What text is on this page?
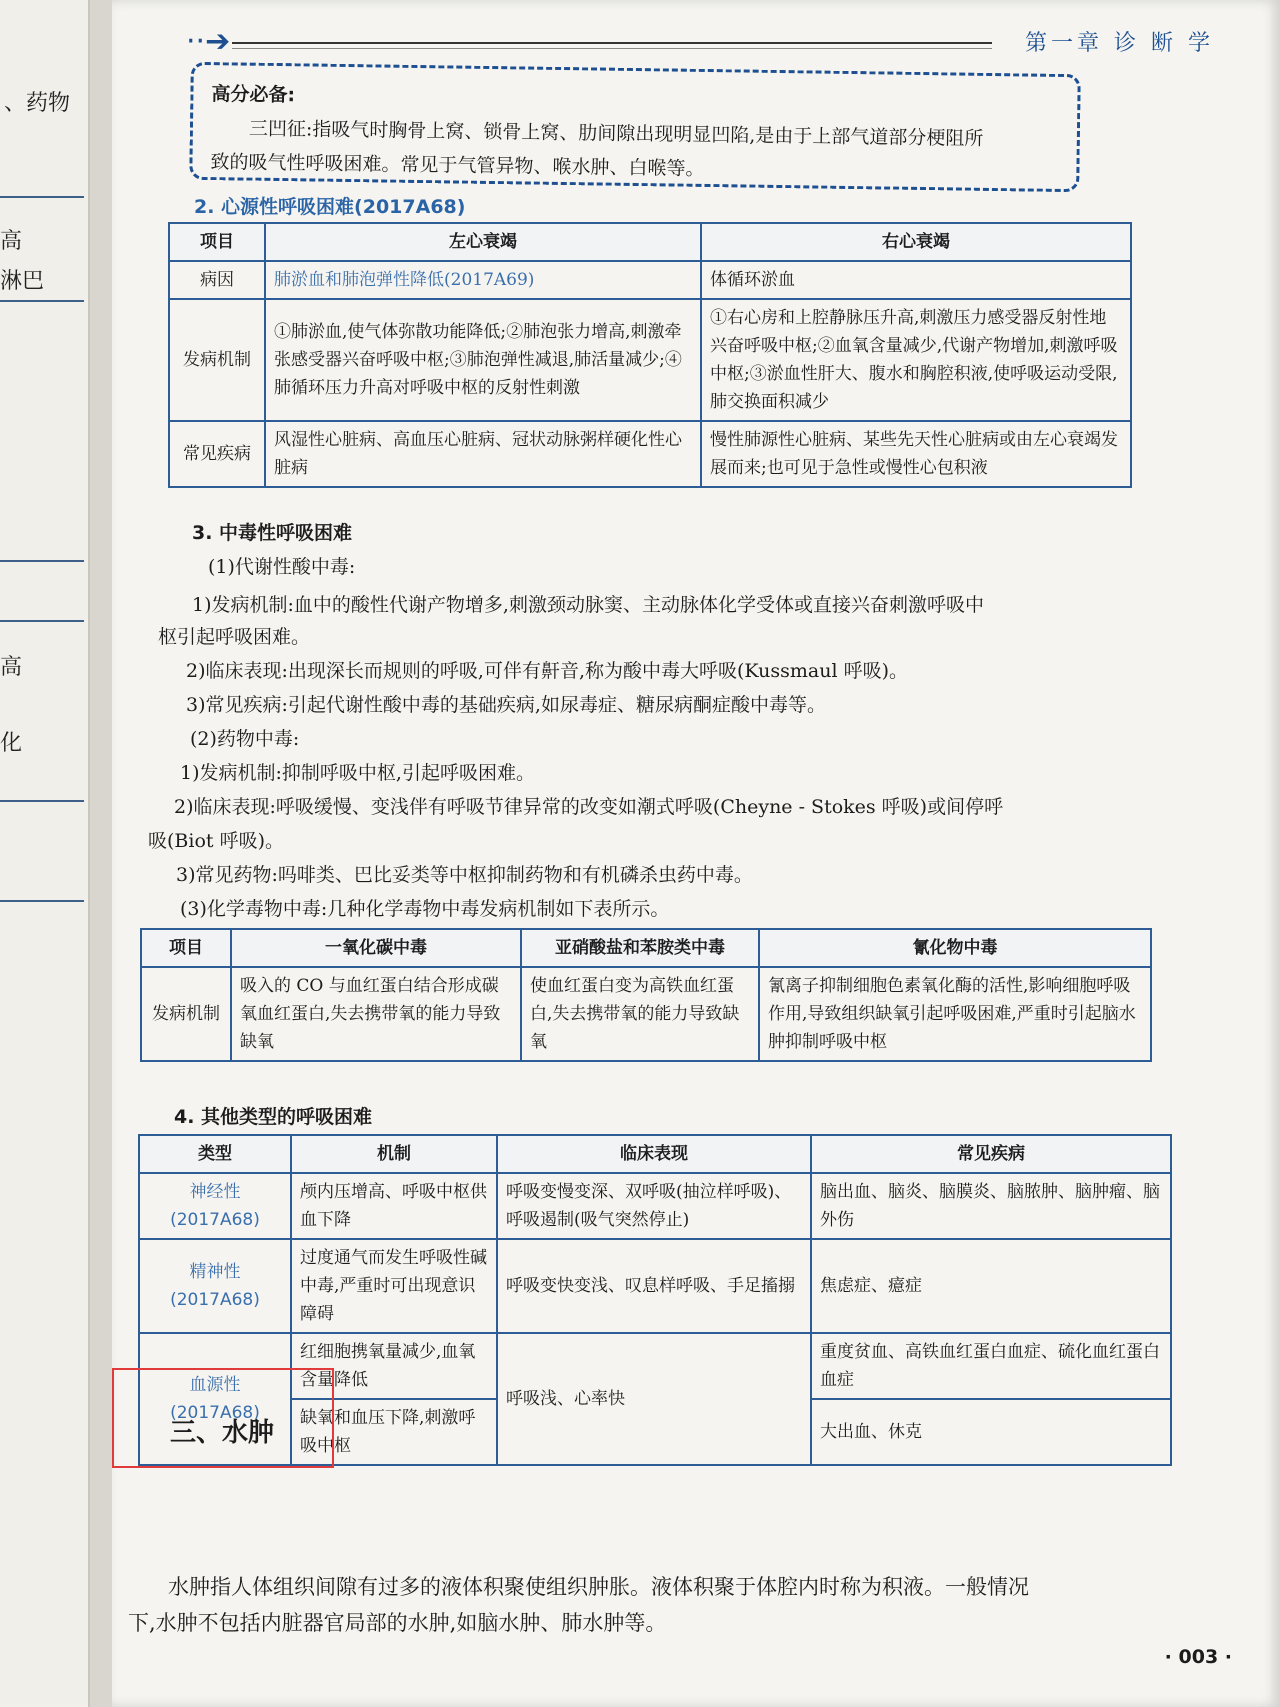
、药物
高
淋巴
高
化
··➔	第一章 诊 断 学
高分必备:

三凹征:指吸气时胸骨上窝、锁骨上窝、肋间隙出现明显凹陷,是由于上部气道部分梗阻所

致的吸气性呼吸困难。常见于气管异物、喉水肿、白喉等。

2. 心源性呼吸困难(2017A68)
项目	左心衰竭	右心衰竭
病因	肺淤血和肺泡弹性降低(2017A69)	体循环淤血
发病机制	①肺淤血,使气体弥散功能降低;②肺泡张力增高,刺激牵张感受器兴奋呼吸中枢;③肺泡弹性减退,肺活量减少;④肺循环压力升高对呼吸中枢的反射性刺激	①右心房和上腔静脉压升高,刺激压力感受器反射性地兴奋呼吸中枢;②血氧含量减少,代谢产物增加,刺激呼吸中枢;③淤血性肝大、腹水和胸腔积液,使呼吸运动受限,肺交换面积减少
常见疾病	风湿性心脏病、高血压心脏病、冠状动脉粥样硬化性心脏病	慢性肺源性心脏病、某些先天性心脏病或由左心衰竭发展而来;也可见于急性或慢性心包积液
3. 中毒性呼吸困难
(1)代谢性酸中毒:
1)发病机制:血中的酸性代谢产物增多,刺激颈动脉窦、主动脉体化学受体或直接兴奋刺激呼吸中
枢引起呼吸困难。
2)临床表现:出现深长而规则的呼吸,可伴有鼾音,称为酸中毒大呼吸(Kussmaul 呼吸)。
3)常见疾病:引起代谢性酸中毒的基础疾病,如尿毒症、糖尿病酮症酸中毒等。
(2)药物中毒:
1)发病机制:抑制呼吸中枢,引起呼吸困难。
2)临床表现:呼吸缓慢、变浅伴有呼吸节律异常的改变如潮式呼吸(Cheyne - Stokes 呼吸)或间停呼
吸(Biot 呼吸)。
3)常见药物:吗啡类、巴比妥类等中枢抑制药物和有机磷杀虫药中毒。
(3)化学毒物中毒:几种化学毒物中毒发病机制如下表所示。
项目	一氧化碳中毒	亚硝酸盐和苯胺类中毒	氰化物中毒
发病机制	吸入的 CO 与血红蛋白结合形成碳氧血红蛋白,失去携带氧的能力导致缺氧	使血红蛋白变为高铁血红蛋白,失去携带氧的能力导致缺氧	氰离子抑制细胞色素氧化酶的活性,影响细胞呼吸作用,导致组织缺氧引起呼吸困难,严重时引起脑水肿抑制呼吸中枢
4. 其他类型的呼吸困难
类型	机制	临床表现	常见疾病
神经性(2017A68)	颅内压增高、呼吸中枢供血下降	呼吸变慢变深、双呼吸(抽泣样呼吸)、呼吸遏制(吸气突然停止)	脑出血、脑炎、脑膜炎、脑脓肿、脑肿瘤、脑外伤
精神性(2017A68)	过度通气而发生呼吸性碱中毒,严重时可出现意识障碍	呼吸变快变浅、叹息样呼吸、手足搐搦	焦虑症、癔症
血源性(2017A68)	红细胞携氧量减少,血氧含量降低	呼吸浅、心率快	重度贫血、高铁血红蛋白血症、硫化血红蛋白血症
	缺氧和血压下降,刺激呼吸中枢		大出血、休克
三、水肿
水肿指人体组织间隙有过多的液体积聚使组织肿胀。液体积聚于体腔内时称为积液。一般情况
下,水肿不包括内脏器官局部的水肿,如脑水肿、肺水肿等。
· 003 ·
